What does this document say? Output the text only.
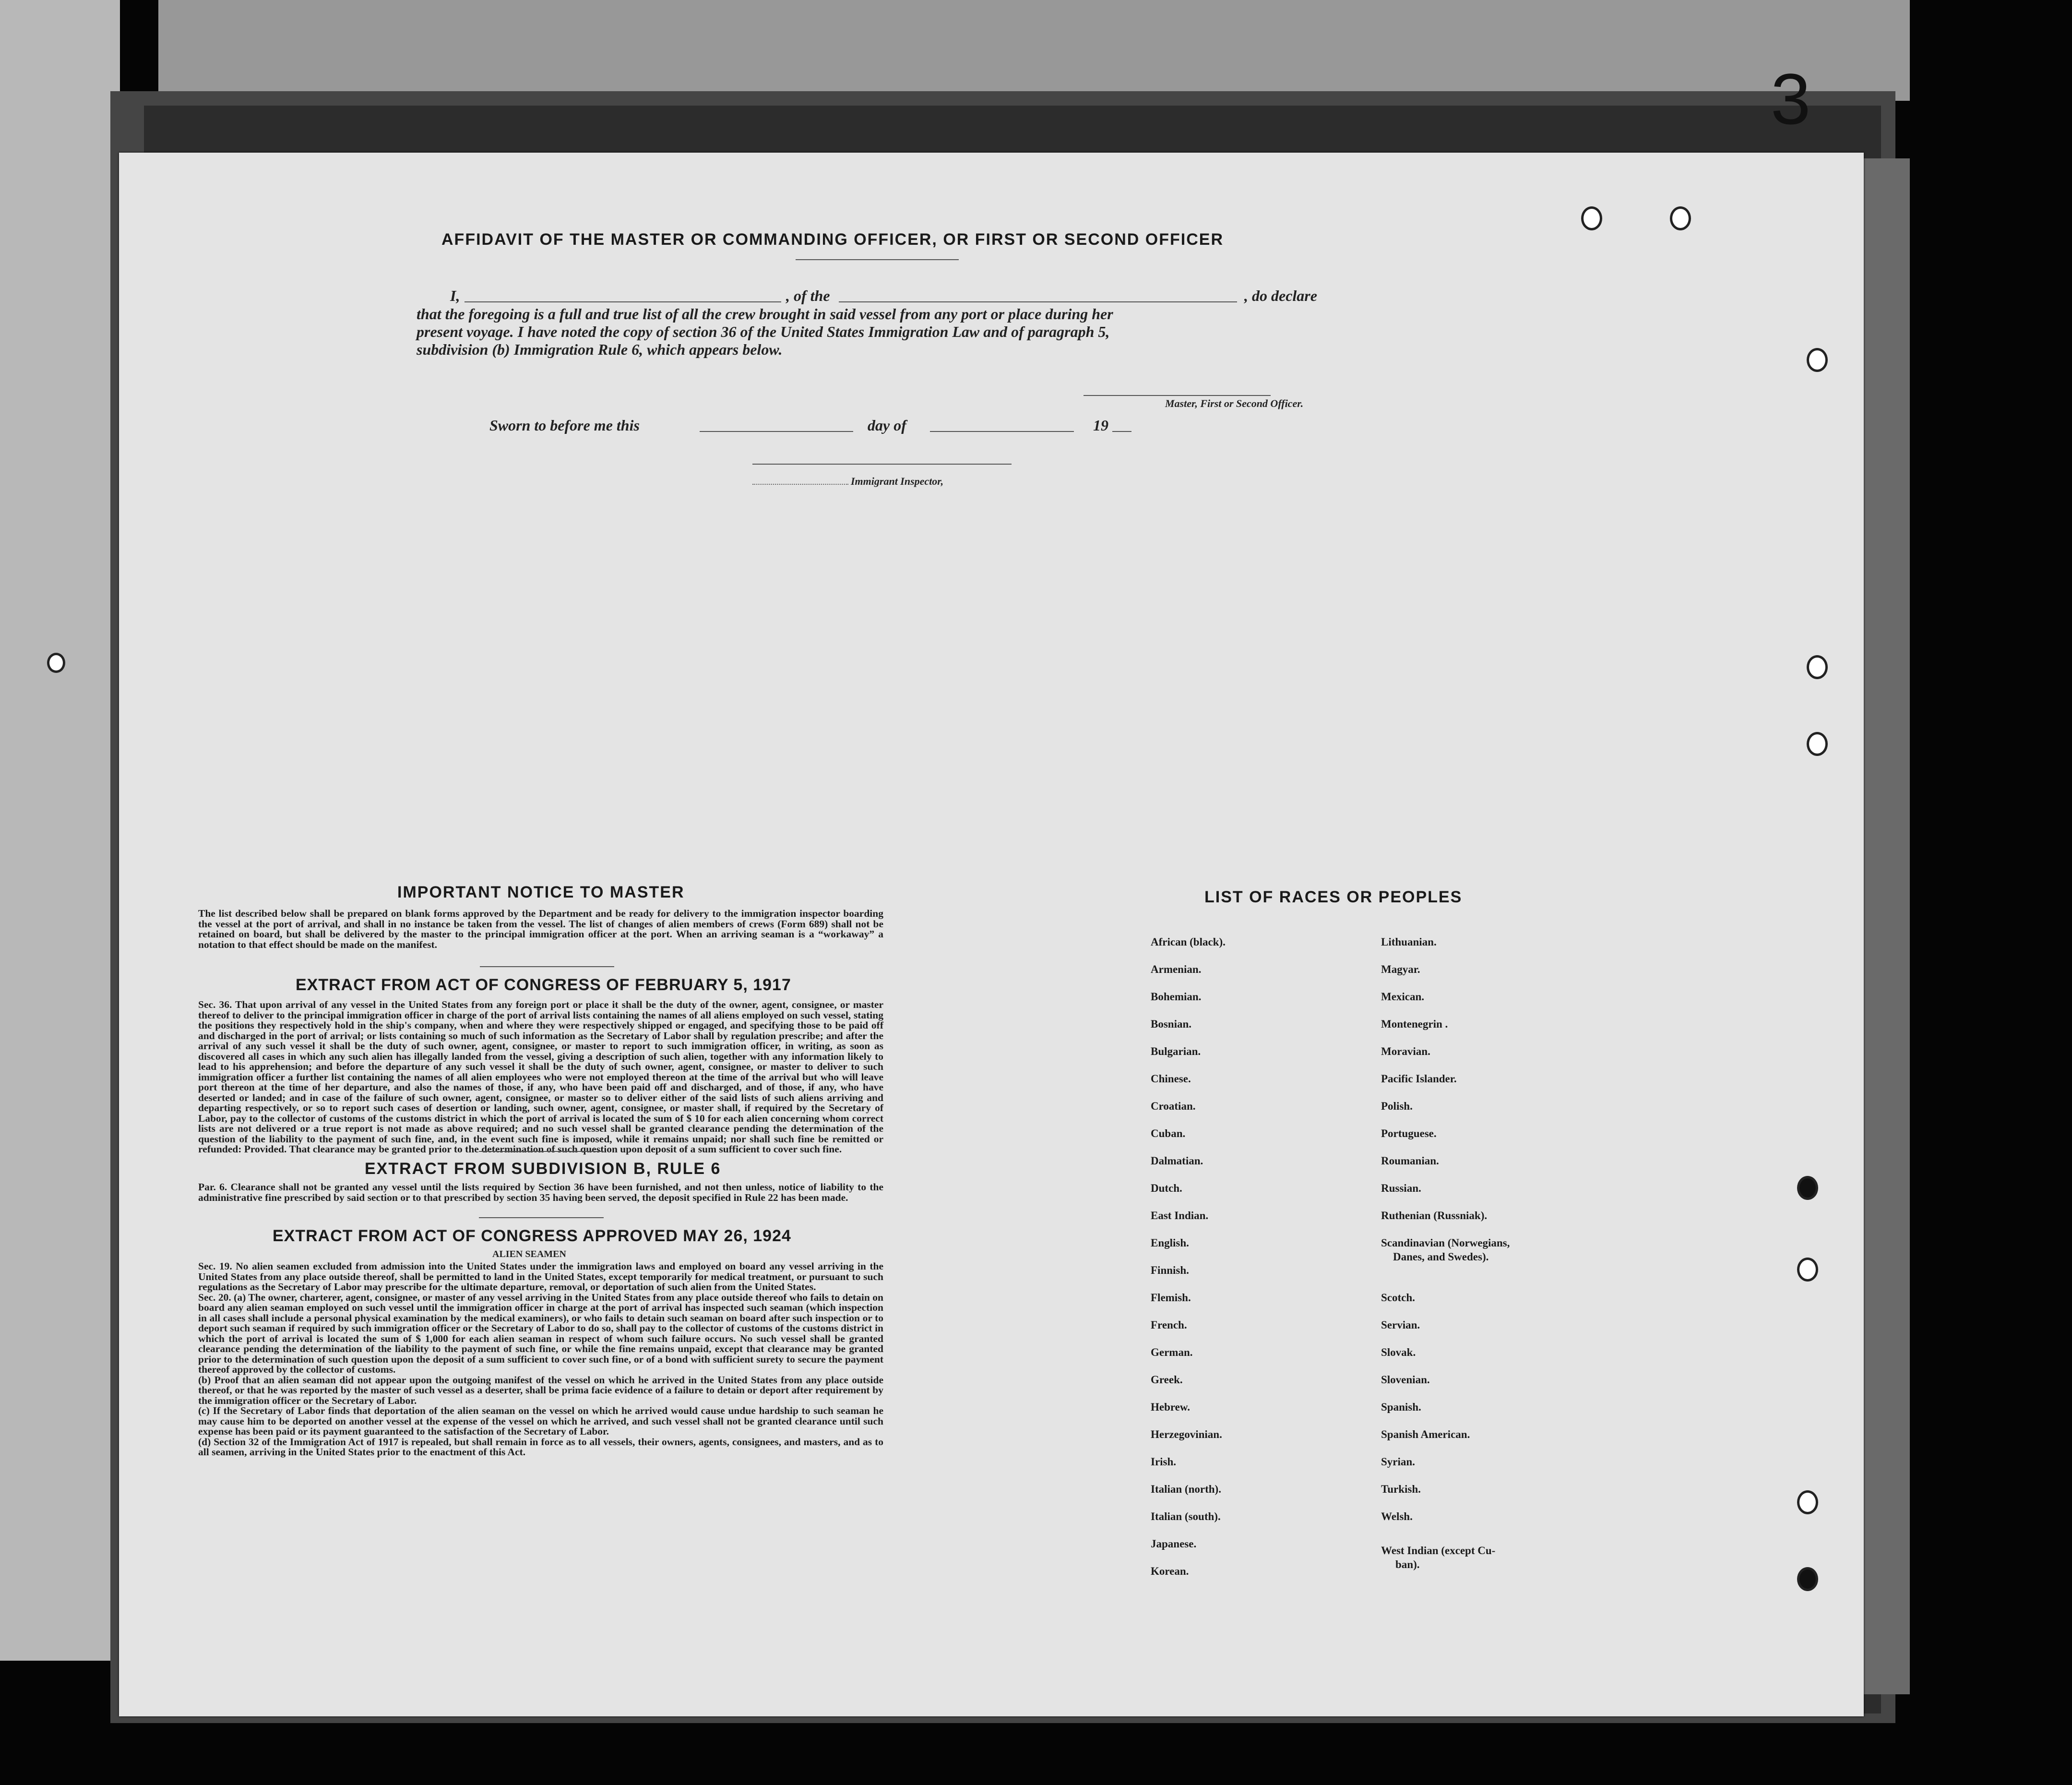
3
AFFIDAVIT OF THE MASTER OR COMMANDING OFFICER, OR FIRST OR SECOND OFFICER
I,	, of the	, do declare
that the foregoing is a full and true list of all the crew brought in said vessel from any port or place during her
present voyage. I have noted the copy of section 36 of the United States Immigration Law and of paragraph 5,
subdivision (b) Immigration Rule 6, which appears below.
Master, First or Second Officer.
Sworn to before me this	day of	19
Immigrant Inspector,
IMPORTANT NOTICE TO MASTER
The list described below shall be prepared on blank forms approved by the Department and be ready for delivery to the immigration inspector boarding the vessel at the port of arrival, and shall in no instance be taken from the vessel. The list of changes of alien members of crews (Form 689) shall not be retained on board, but shall be delivered by the master to the principal immigration officer at the port. When an arriving seaman is a “workaway” a notation to that effect should be made on the manifest.
EXTRACT FROM ACT OF CONGRESS OF FEBRUARY 5, 1917
Sec. 36. That upon arrival of any vessel in the United States from any foreign port or place it shall be the duty of the owner, agent, consignee, or master thereof to deliver to the principal immigration officer in charge of the port of arrival lists containing the names of all aliens employed on such vessel, stating the positions they respectively hold in the ship's company, when and where they were respectively shipped or engaged, and specifying those to be paid off and discharged in the port of arrival; or lists containing so much of such information as the Secretary of Labor shall by regulation prescribe; and after the arrival of any such vessel it shall be the duty of such owner, agent, consignee, or master to report to such immigration officer, in writing, as soon as discovered all cases in which any such alien has illegally landed from the vessel, giving a description of such alien, together with any information likely to lead to his apprehension; and before the departure of any such vessel it shall be the duty of such owner, agent, consignee, or master to deliver to such immigration officer a further list containing the names of all alien employees who were not employed thereon at the time of the arrival but who will leave port thereon at the time of her departure, and also the names of those, if any, who have been paid off and discharged, and of those, if any, who have deserted or landed; and in case of the failure of such owner, agent, consignee, or master so to deliver either of the said lists of such aliens arriving and departing respectively, or so to report such cases of desertion or landing, such owner, agent, consignee, or master shall, if required by the Secretary of Labor, pay to the collector of customs of the customs district in which the port of arrival is located the sum of $ 10 for each alien concerning whom correct lists are not delivered or a true report is not made as above required; and no such vessel shall be granted clearance pending the determination of the question of the liability to the payment of such fine, and, in the event such fine is imposed, while it remains unpaid; nor shall such fine be remitted or refunded: Provided. That clearance may be granted prior to the determination of such question upon deposit of a sum sufficient to cover such fine.
EXTRACT FROM SUBDIVISION B, RULE 6
Par. 6. Clearance shall not be granted any vessel until the lists required by Section 36 have been furnished, and not then unless, notice of liability to the administrative fine prescribed by said section or to that prescribed by section 35 having been served, the deposit specified in Rule 22 has been made.
EXTRACT FROM ACT OF CONGRESS APPROVED MAY 26, 1924
ALIEN SEAMEN

Sec. 19. No alien seamen excluded from admission into the United States under the immigration laws and employed on board any vessel arriving in the United States from any place outside thereof, shall be permitted to land in the United States, except temporarily for medical treatment, or pursuant to such regulations as the Secretary of Labor may prescribe for the ultimate departure, removal, or deportation of such alien from the United States.

Sec. 20. (a) The owner, charterer, agent, consignee, or master of any vessel arriving in the United States from any place outside thereof who fails to detain on board any alien seaman employed on such vessel until the immigration officer in charge at the port of arrival has inspected such seaman (which inspection in all cases shall include a personal physical examination by the medical examiners), or who fails to detain such seaman on board after such inspection or to deport such seaman if required by such immigration officer or the Secretary of Labor to do so, shall pay to the collector of customs of the customs district in which the port of arrival is located the sum of $ 1,000 for each alien seaman in respect of whom such failure occurs. No such vessel shall be granted clearance pending the determination of the liability to the payment of such fine, or while the fine remains unpaid, except that clearance may be granted prior to the determination of such question upon the deposit of a sum sufficient to cover such fine, or of a bond with sufficient surety to secure the payment thereof approved by the collector of customs.

(b) Proof that an alien seaman did not appear upon the outgoing manifest of the vessel on which he arrived in the United States from any place outside thereof, or that he was reported by the master of such vessel as a deserter, shall be prima facie evidence of a failure to detain or deport after requirement by the immigration officer or the Secretary of Labor.

(c) If the Secretary of Labor finds that deportation of the alien seaman on the vessel on which he arrived would cause undue hardship to such seaman he may cause him to be deported on another vessel at the expense of the vessel on which he arrived, and such vessel shall not be granted clearance until such expense has been paid or its payment guaranteed to the satisfaction of the Secretary of Labor.

(d) Section 32 of the Immigration Act of 1917 is repealed, but shall remain in force as to all vessels, their owners, agents, consignees, and masters, and as to all seamen, arriving in the United States prior to the enactment of this Act.

LIST OF RACES OR PEOPLES
African (black).
Armenian.
Bohemian.
Bosnian.
Bulgarian.
Chinese.
Croatian.
Cuban.
Dalmatian.
Dutch.
East Indian.
English.
Finnish.
Flemish.
French.
German.
Greek.
Hebrew.
Herzegovinian.
Irish.
Italian (north).
Italian (south).
Japanese.
Korean.
Lithuanian.
Magyar.
Mexican.
Montenegrin .
Moravian.
Pacific Islander.
Polish.
Portuguese.
Roumanian.
Russian.
Ruthenian (Russniak).
Scandinavian (Norwegians,
Danes, and Swedes).
Scotch.
Servian.
Slovak.
Slovenian.
Spanish.
Spanish American.
Syrian.
Turkish.
Welsh.
West Indian (except Cu-
ban).
